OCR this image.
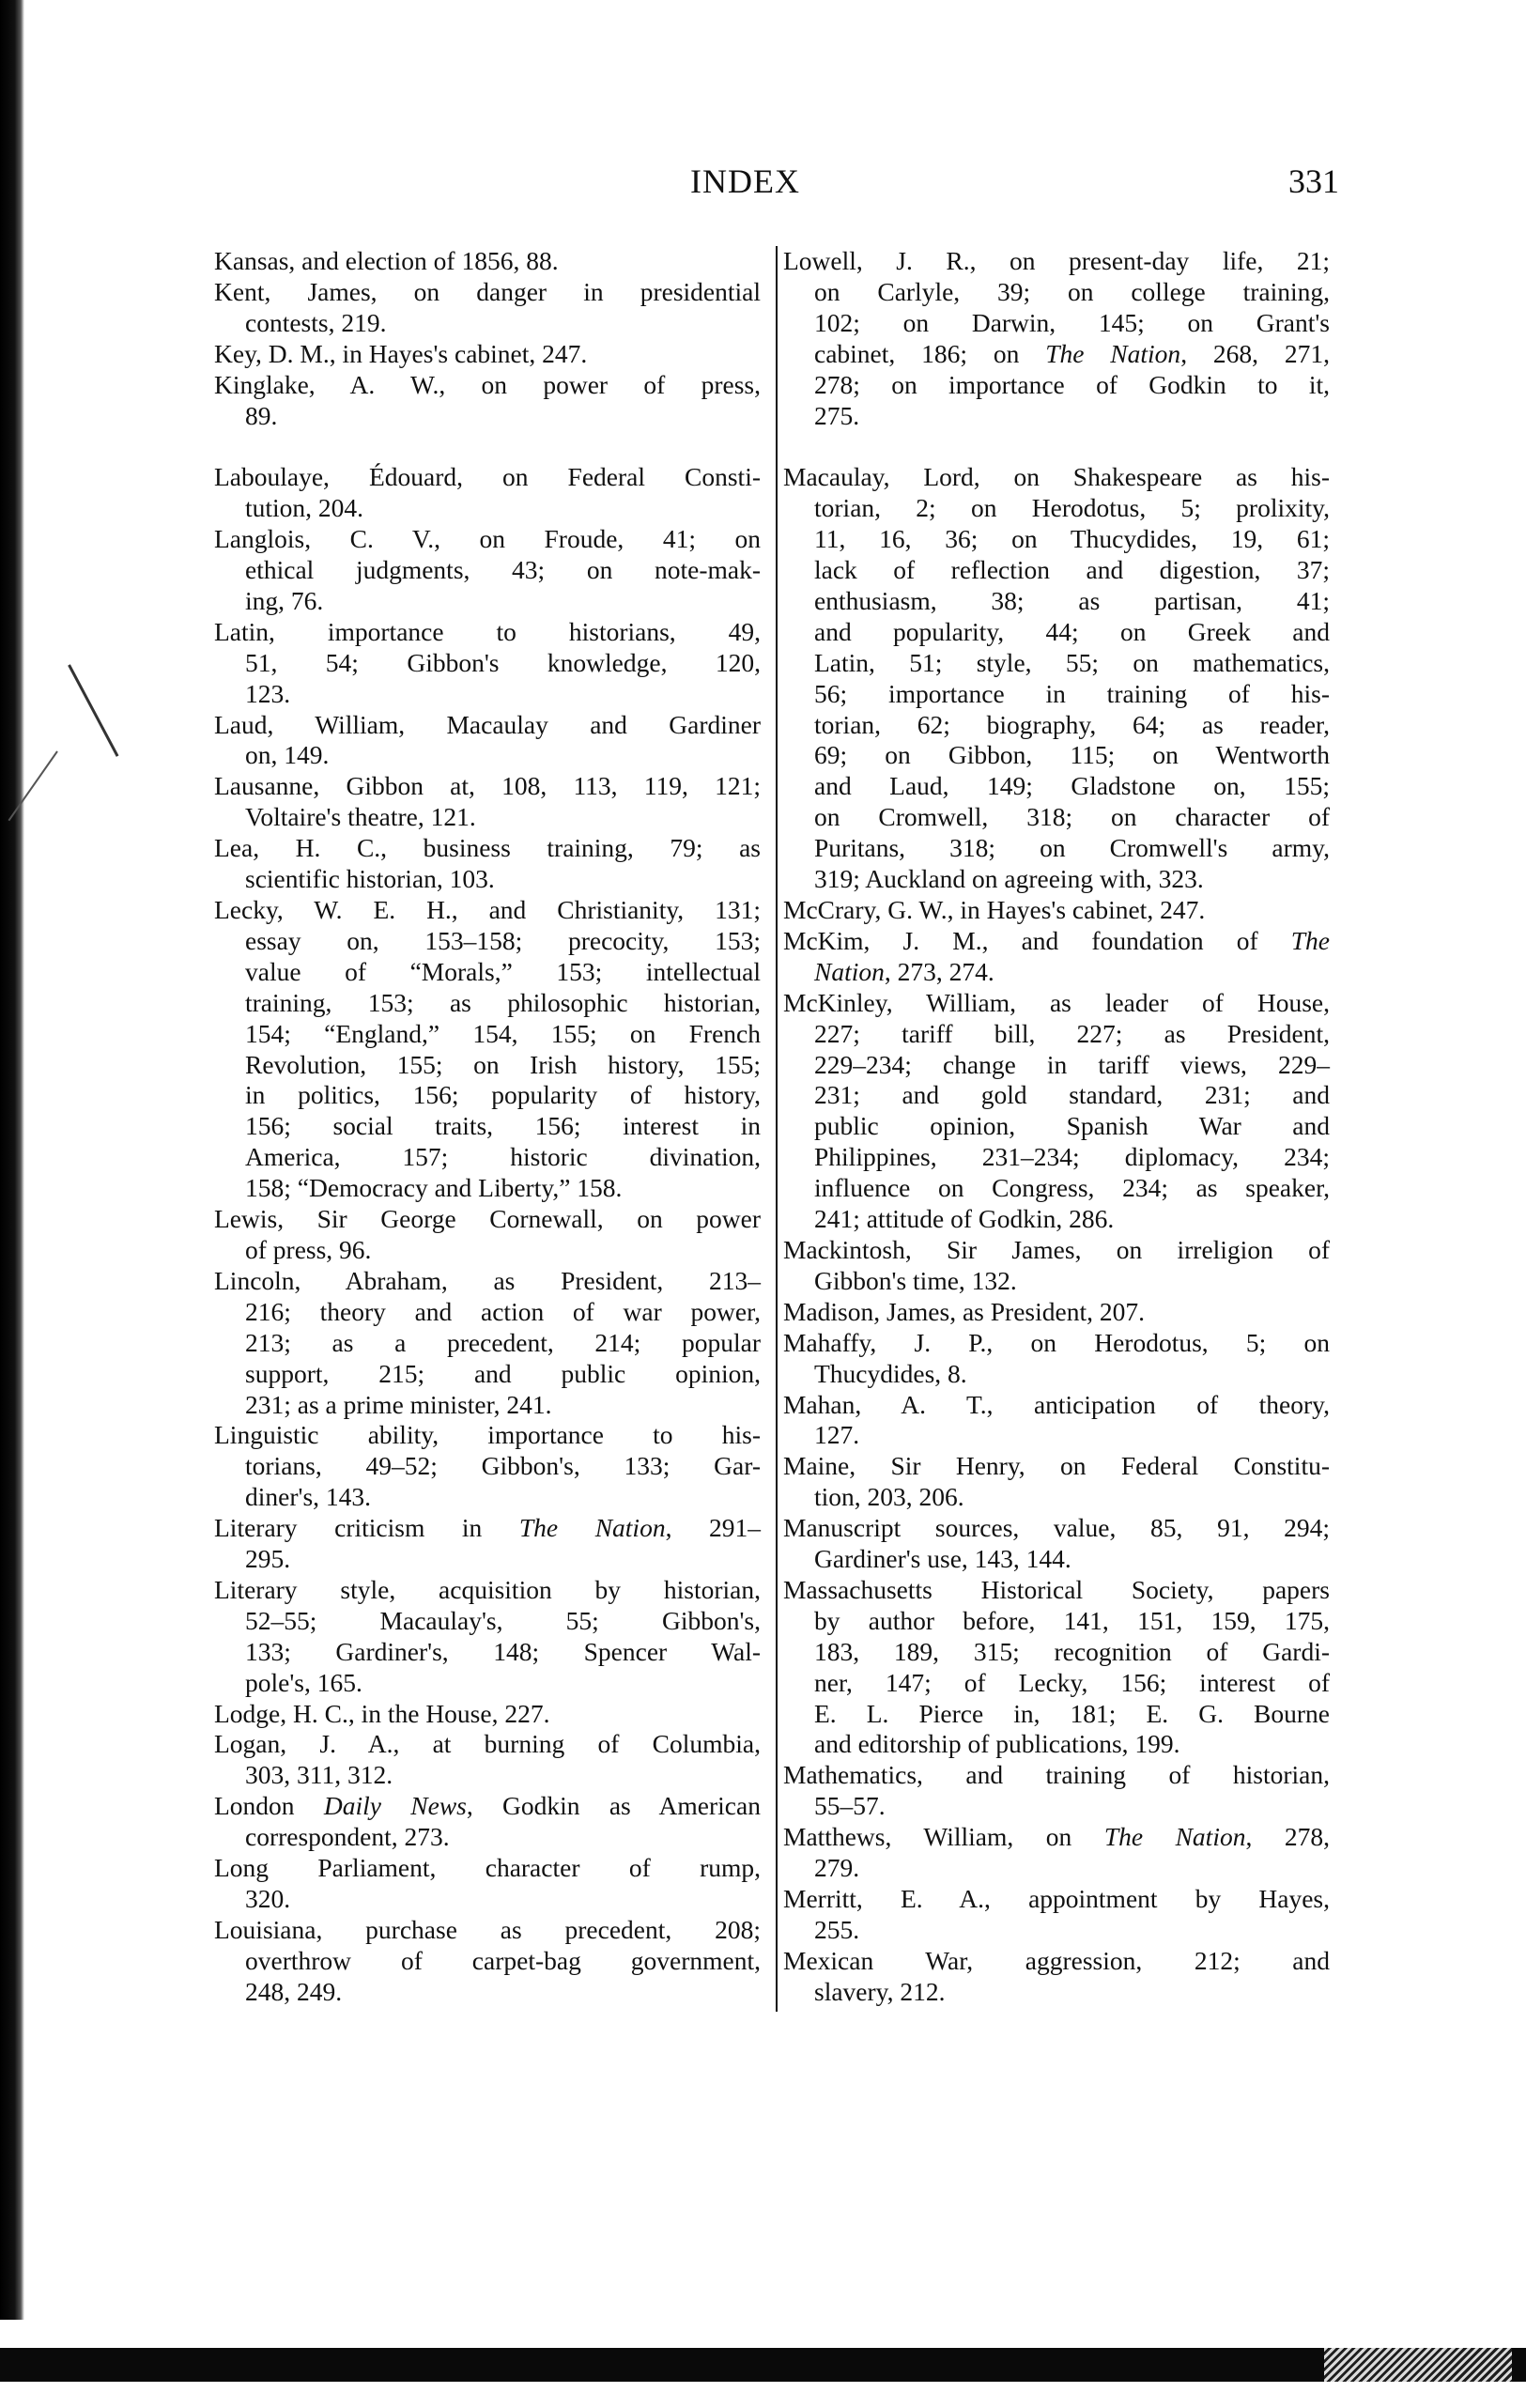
INDEX	331
Kansas, and election of 1856, 88.
Kent, James, on danger in presidential
contests, 219.
Key, D. M., in Hayes's cabinet, 247.
Kinglake, A. W., on power of press,
89.
Laboulaye, Édouard, on Federal Consti-
tution, 204.
Langlois, C. V., on Froude, 41; on
ethical judgments, 43; on note-mak-
ing, 76.
Latin, importance to historians, 49,
51, 54; Gibbon's knowledge, 120,
123.
Laud, William, Macaulay and Gardiner
on, 149.
Lausanne, Gibbon at, 108, 113, 119, 121;
Voltaire's theatre, 121.
Lea, H. C., business training, 79; as
scientific historian, 103.
Lecky, W. E. H., and Christianity, 131;
essay on, 153–158; precocity, 153;
value of “Morals,” 153; intellectual
training, 153; as philosophic historian,
154; “England,” 154, 155; on French
Revolution, 155; on Irish history, 155;
in politics, 156; popularity of history,
156; social traits, 156; interest in
America, 157; historic divination,
158; “Democracy and Liberty,” 158.
Lewis, Sir George Cornewall, on power
of press, 96.
Lincoln, Abraham, as President, 213–
216; theory and action of war power,
213; as a precedent, 214; popular
support, 215; and public opinion,
231; as a prime minister, 241.
Linguistic ability, importance to his-
torians, 49–52; Gibbon's, 133; Gar-
diner's, 143.
Literary criticism in The Nation, 291–
295.
Literary style, acquisition by historian,
52–55; Macaulay's, 55; Gibbon's,
133; Gardiner's, 148; Spencer Wal-
pole's, 165.
Lodge, H. C., in the House, 227.
Logan, J. A., at burning of Columbia,
303, 311, 312.
London Daily News, Godkin as American
correspondent, 273.
Long Parliament, character of rump,
320.
Louisiana, purchase as precedent, 208;
overthrow of carpet-bag government,
248, 249.
Lowell, J. R., on present-day life, 21;
on Carlyle, 39; on college training,
102; on Darwin, 145; on Grant's
cabinet, 186; on The Nation, 268, 271,
278; on importance of Godkin to it,
275.
Macaulay, Lord, on Shakespeare as his-
torian, 2; on Herodotus, 5; prolixity,
11, 16, 36; on Thucydides, 19, 61;
lack of reflection and digestion, 37;
enthusiasm, 38; as partisan, 41;
and popularity, 44; on Greek and
Latin, 51; style, 55; on mathematics,
56; importance in training of his-
torian, 62; biography, 64; as reader,
69; on Gibbon, 115; on Wentworth
and Laud, 149; Gladstone on, 155;
on Cromwell, 318; on character of
Puritans, 318; on Cromwell's army,
319; Auckland on agreeing with, 323.
McCrary, G. W., in Hayes's cabinet, 247.
McKim, J. M., and foundation of The
Nation, 273, 274.
McKinley, William, as leader of House,
227; tariff bill, 227; as President,
229–234; change in tariff views, 229–
231; and gold standard, 231; and
public opinion, Spanish War and
Philippines, 231–234; diplomacy, 234;
influence on Congress, 234; as speaker,
241; attitude of Godkin, 286.
Mackintosh, Sir James, on irreligion of
Gibbon's time, 132.
Madison, James, as President, 207.
Mahaffy, J. P., on Herodotus, 5; on
Thucydides, 8.
Mahan, A. T., anticipation of theory,
127.
Maine, Sir Henry, on Federal Constitu-
tion, 203, 206.
Manuscript sources, value, 85, 91, 294;
Gardiner's use, 143, 144.
Massachusetts Historical Society, papers
by author before, 141, 151, 159, 175,
183, 189, 315; recognition of Gardi-
ner, 147; of Lecky, 156; interest of
E. L. Pierce in, 181; E. G. Bourne
and editorship of publications, 199.
Mathematics, and training of historian,
55–57.
Matthews, William, on The Nation, 278,
279.
Merritt, E. A., appointment by Hayes,
255.
Mexican War, aggression, 212; and
slavery, 212.
